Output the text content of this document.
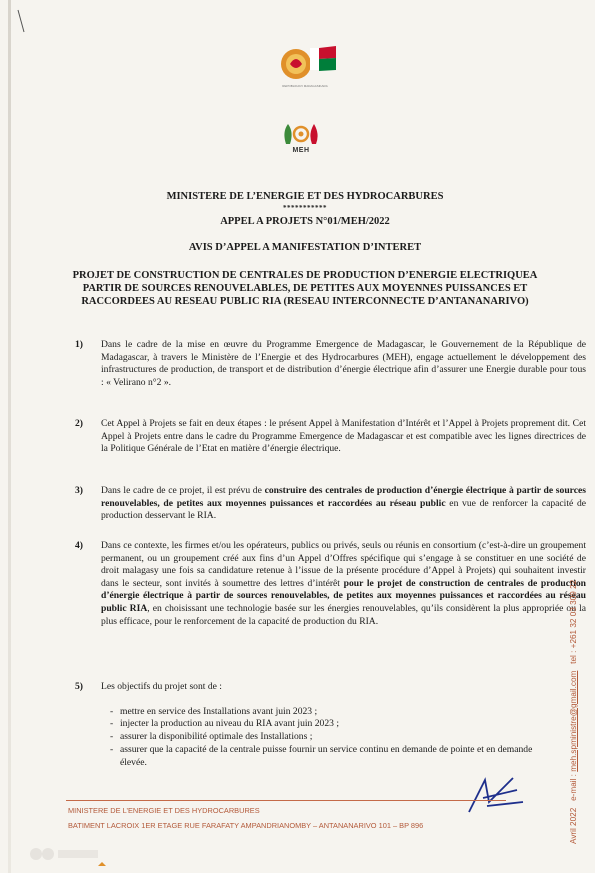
REPOBLIKAN'I MADAGASIKARA
MEH
MINISTERE DE L’ENERGIE ET DES HYDROCARBURES
***********
APPEL A PROJETS N°01/MEH/2022
AVIS D’APPEL A MANIFESTATION D’INTERET
PROJET DE CONSTRUCTION DE CENTRALES DE PRODUCTION D’ENERGIE ELECTRIQUEA PARTIR DE SOURCES RENOUVELABLES, DE PETITES AUX MOYENNES PUISSANCES ET RACCORDEES AU RESEAU PUBLIC RIA (RESEAU INTERCONNECTE D’ANTANANARIVO)
1) Dans le cadre de la mise en œuvre du Programme Emergence de Madagascar, le Gouvernement de la République de Madagascar, à travers le Ministère de l’Energie et des Hydrocarbures (MEH), engage actuellement le développement des infrastructures de production, de transport et de distribution d’énergie électrique afin d’assurer une Energie durable pour tous : « Velirano n°2 ».
2) Cet Appel à Projets se fait en deux étapes : le présent Appel à Manifestation d’Intérêt et l’Appel à Projets proprement dit. Cet Appel à Projets entre dans le cadre du Programme Emergence de Madagascar et est compatible avec les lignes directrices de la Politique Générale de l’Etat en matière d’énergie électrique.
3) Dans le cadre de ce projet, il est prévu de construire des centrales de production d’énergie électrique à partir de sources renouvelables, de petites aux moyennes puissances et raccordées au réseau public en vue de renforcer la capacité de production desservant le RIA.
4) Dans ce contexte, les firmes et/ou les opérateurs, publics ou privés, seuls ou réunis en consortium (c’est-à-dire un groupement permanent, ou un groupement créé aux fins d’un Appel d’Offres spécifique qui s’engage à se constituer en une société de droit malagasy une fois sa candidature retenue à l’issue de la présente procédure d’Appel à Projets) qui souhaitent investir dans le secteur, sont invités à soumettre des lettres d’intérêt pour le projet de construction de centrales de production d’énergie électrique à partir de sources renouvelables, de petites aux moyennes puissances et raccordées au réseau public RIA, en choisissant une technologie basée sur les énergies renouvelables, qu’ils considèrent la plus appropriée ou la plus efficace, pour le renforcement de la capacité de production du RIA.
5) Les objectifs du projet sont de :
- mettre en service des Installations avant juin 2023 ;
- injecter la production au niveau du RIA avant juin 2023 ;
- assurer la disponibilité optimale des Installations ;
- assurer que la capacité de la centrale puisse fournir un service continu en demande de pointe et en demande élevée.
MINISTERE DE L’ENERGIE ET DES HYDROCARBURES
BATIMENT LACROIX 1ER ETAGE RUE FARAFATY AMPANDRIANOMBY – ANTANANARIVO 101 – BP 896	Avril 2022   e-mail : meh.spministre@gmail.com   tel : +261 32 03 309 22
